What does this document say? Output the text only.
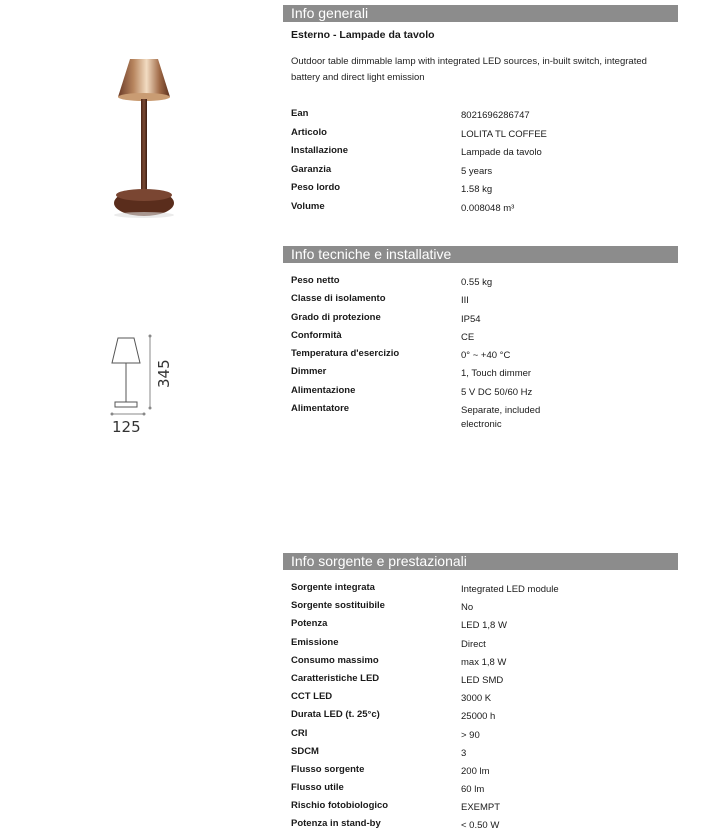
345
125
Info generali
Esterno - Lampade da tavolo
Outdoor table dimmable lamp with integrated LED sources, in-built switch, integrated battery and direct light emission
Ean	8021696286747
Articolo	LOLITA TL COFFEE
Installazione	Lampade da tavolo
Garanzia	5 years
Peso lordo	1.58 kg
Volume	0.008048 m³
Info tecniche e installative
Peso netto	0.55 kg
Classe di isolamento	III
Grado di protezione	IP54
Conformità	CE
Temperatura d'esercizio	0° ~ +40 °C
Dimmer	1, Touch dimmer
Alimentazione	5 V DC 50/60 Hz
Alimentatore	Separate, included electronic
Info sorgente e prestazionali
Sorgente integrata	Integrated LED module
Sorgente sostituibile	No
Potenza	LED 1,8 W
Emissione	Direct
Consumo massimo	max 1,8 W
Caratteristiche LED	LED SMD
CCT LED	3000 K
Durata LED (t. 25°c)	25000 h
CRI	> 90
SDCM	3
Flusso sorgente	200 lm
Flusso utile	60 lm
Rischio fotobiologico	EXEMPT
Potenza in stand-by	< 0.50 W
